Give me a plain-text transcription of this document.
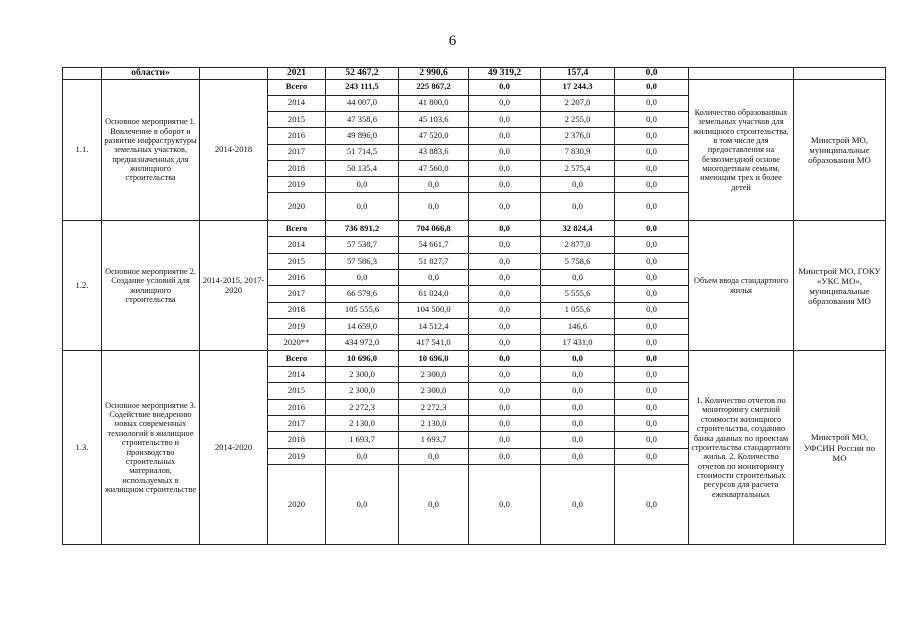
6
	области»		2021	52 467,2	2 990,6	49 319,2	157,4	0,0		
1.1.	Основное мероприятие 1. Вовлечение в оборот и развитие инфраструктуры земельных участков, предназначенных для жилищного строительства	2014-2018	Всего	243 111,5	225 867,2	0,0	17 244,3	0,0	Количество образованных земельных участков для жилищного строительства, в том числе для предоставления на безвозмездной основе многодетным семьям, имеющим трех и более детей	Минстрой МО, муниципальные образования МО
			2014	44 007,0	41 800,0	0,0	2 207,0	0,0		
			2015	47 358,6	45 103,6	0,0	2 255,0	0,0		
			2016	49 896,0	47 520,0	0,0	2 376,0	0,0		
			2017	51 714,5	43 883,6	0,0	7 830,9	0,0		
			2018	50 135,4	47 560,0	0,0	2 575,4	0,0		
			2019	0,0	0,0	0,0	0,0	0,0		
			2020	0,0	0,0	0,0	0,0	0,0		
1.2.	Основное мероприятие 2. Создание условий для жилищного строительства	2014-2015, 2017-2020	Всего	736 891,2	704 066,8	0,0	32 824,4	0,0	Объем ввода стандартного жилья	Минстрой МО, ГОКУ «УКС МО», муниципальные образования МО
			2014	57 538,7	54 661,7	0,0	2 877,0	0,0		
			2015	57 586,3	51 827,7	0,0	5 758,6	0,0		
			2016	0,0	0,0	0,0	0,0	0,0		
			2017	66 579,6	61 024,0	0,0	5 555,6	0,0		
			2018	105 555,6	104 500,0	0,0	1 055,6	0,0		
			2019	14 659,0	14 512,4	0,0	146,6	0,0		
			2020**	434 972,0	417 541,0	0,0	17 431,0	0,0		
1.3.	Основное мероприятие 3. Содействие внедрению новых современных технологий в жилищное строительство и производство строительных материалов, используемых в жилищном строительстве	2014-2020	Всего	10 696,0	10 696,0	0,0	0,0	0,0	1. Количество отчетов по мониторингу сметной стоимости жилищного строительства, созданию банка данных по проектам строительства стандартного жилья. 2. Количество отчетов по мониторингу стоимости строительных ресурсов для расчета ежеквартальных	Минстрой МО, УФСИН России по МО
			2014	2 300,0	2 300,0	0,0	0,0	0,0		
			2015	2 300,0	2 300,0	0,0	0,0	0,0		
			2016	2 272,3	2 272,3	0,0	0,0	0,0		
			2017	2 130,0	2 130,0	0,0	0,0	0,0		
			2018	1 693,7	1 693,7	0,0	0,0	0,0		
			2019	0,0	0,0	0,0	0,0	0,0		
			2020	0,0	0,0	0,0	0,0	0,0		
